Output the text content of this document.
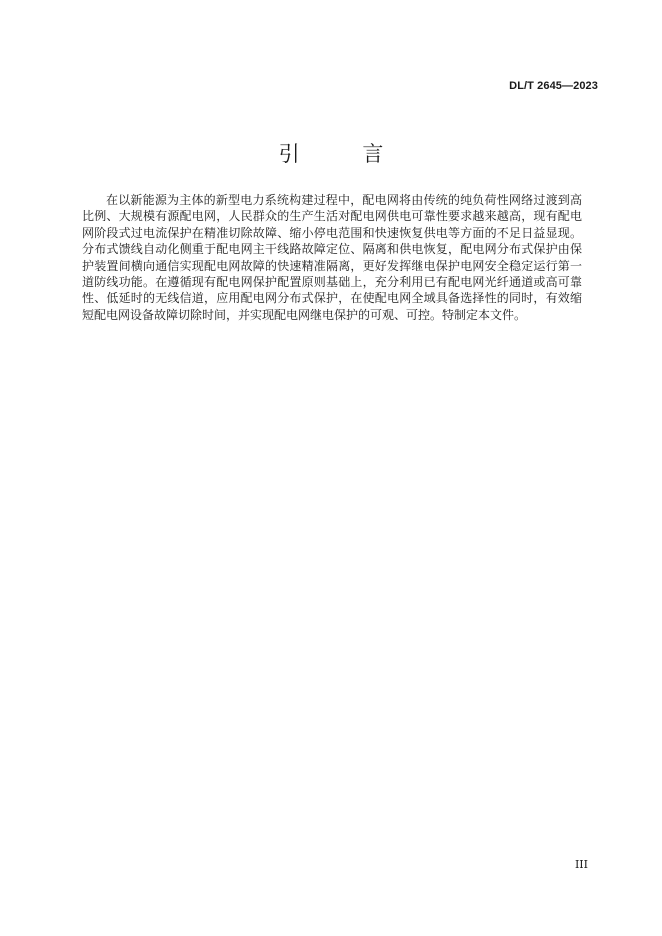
DL/T 2645—2023
引 言

在以新能源为主体的新型电力系统构建过程中，配电网将由传统的纯负荷性网络过渡到高比例、大规模有源配电网，人民群众的生产生活对配电网供电可靠性要求越来越高，现有配电网阶段式过电流保护在精准切除故障、缩小停电范围和快速恢复供电等方面的不足日益显现。分布式馈线自动化侧重于配电网主干线路故障定位、隔离和供电恢复，配电网分布式保护由保护装置间横向通信实现配电网故障的快速精准隔离，更好发挥继电保护电网安全稳定运行第一道防线功能。在遵循现有配电网保护配置原则基础上，充分利用已有配电网光纤通道或高可靠性、低延时的无线信道，应用配电网分布式保护，在使配电网全域具备选择性的同时，有效缩短配电网设备故障切除时间，并实现配电网继电保护的可观、可控。特制定本文件。

III
